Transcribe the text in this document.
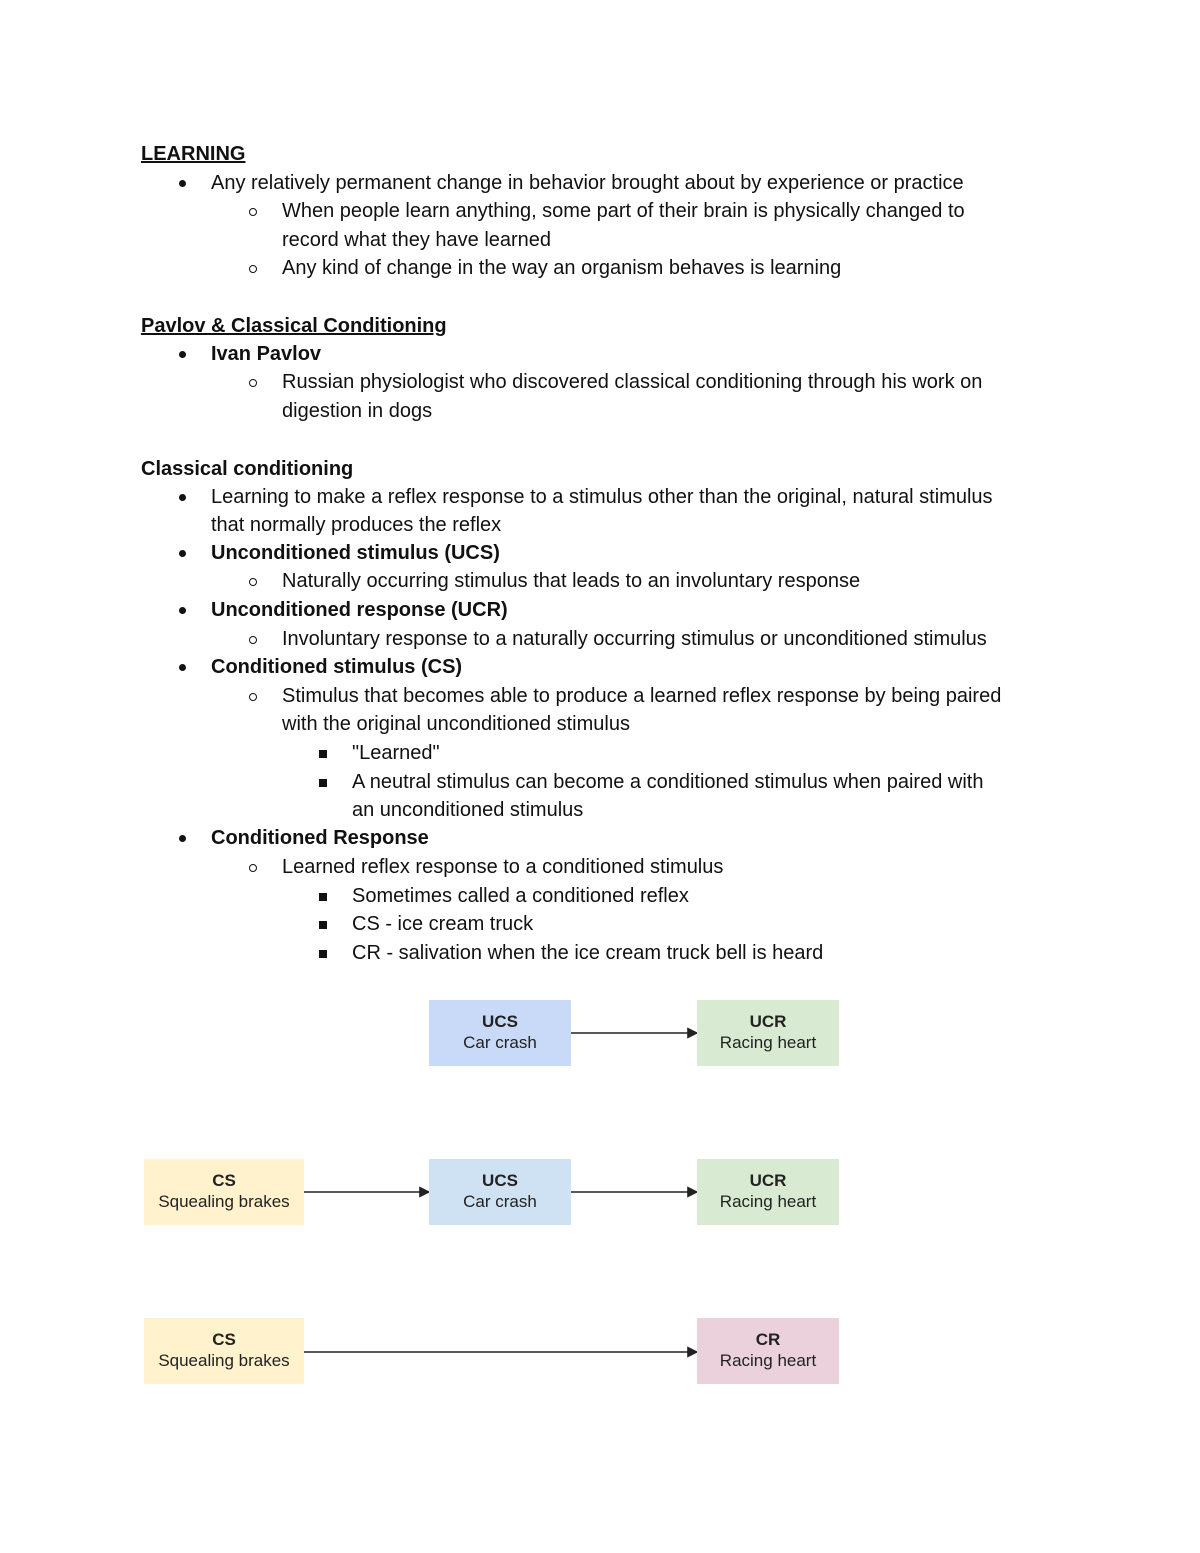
LEARNING
Any relatively permanent change in behavior brought about by experience or practice
When people learn anything, some part of their brain is physically changed to
record what they have learned
Any kind of change in the way an organism behaves is learning
Pavlov & Classical Conditioning
Ivan Pavlov
Russian physiologist who discovered classical conditioning through his work on
digestion in dogs
Classical conditioning
Learning to make a reflex response to a stimulus other than the original, natural stimulus
that normally produces the reflex
Unconditioned stimulus (UCS)
Naturally occurring stimulus that leads to an involuntary response
Unconditioned response (UCR)
Involuntary response to a naturally occurring stimulus or unconditioned stimulus
Conditioned stimulus (CS)
Stimulus that becomes able to produce a learned reflex response by being paired
with the original unconditioned stimulus
"Learned"
A neutral stimulus can become a conditioned stimulus when paired with
an unconditioned stimulus
Conditioned Response
Learned reflex response to a conditioned stimulus
Sometimes called a conditioned reflex
CS - ice cream truck
CR - salivation when the ice cream truck bell is heard
UCS
Car crash
UCR
Racing heart
CS
Squealing brakes
UCS
Car crash
UCR
Racing heart
CS
Squealing brakes
CR
Racing heart
